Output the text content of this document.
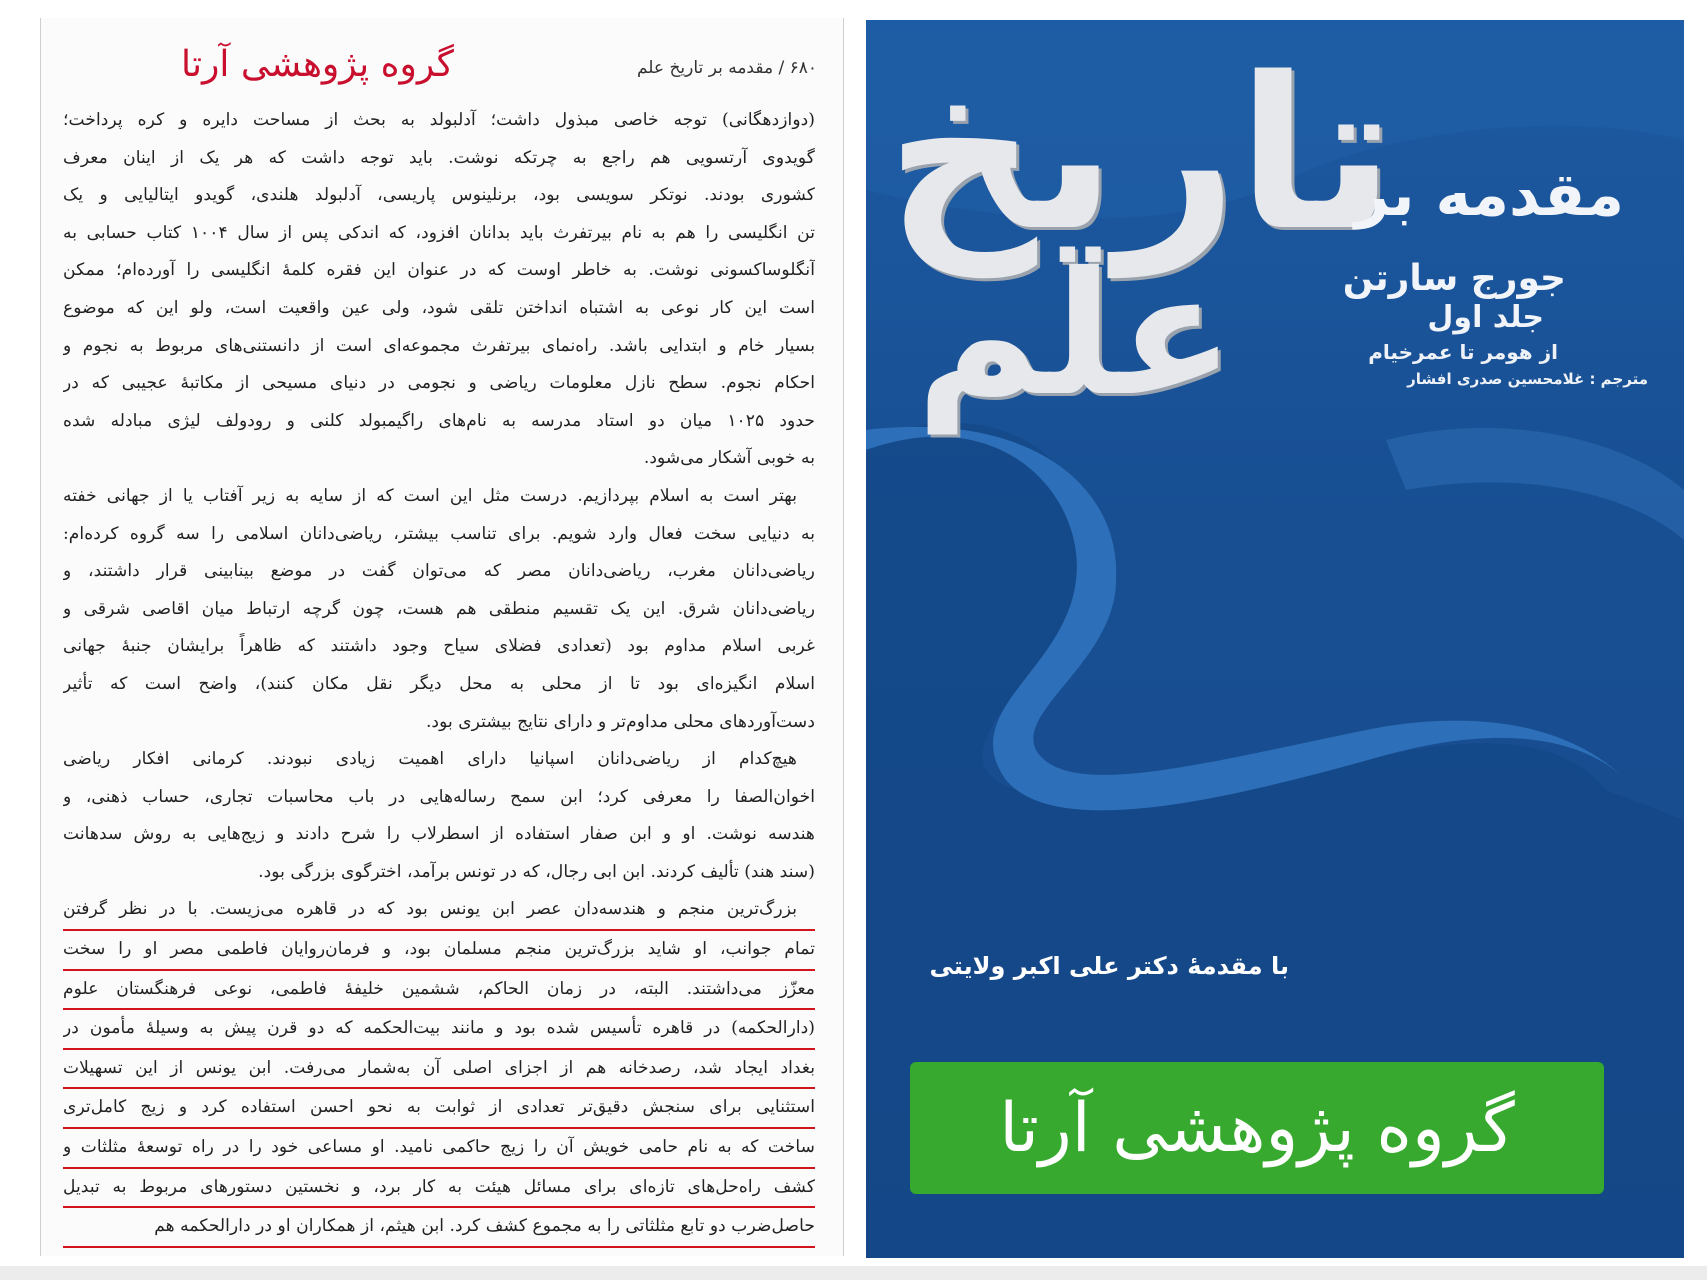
گروه پژوهشی آرتا	۶۸۰ / مقدمه بر تاریخ علم

(دوازدهگانی) توجه خاصی مبذول داشت؛ آدلبولد به بحث از مساحت دایره و کره پرداخت؛
گویدوی آرتسویی هم راجع به چرتکه نوشت. باید توجه داشت که هر یک از اینان معرف
کشوری بودند. نوتکر سویسی بود، برنلینوس پاریسی، آدلبولد هلندی، گویدو ایتالیایی و یک
تن انگلیسی را هم به نام بیرتفرث باید بدانان افزود، که اندکی پس از سال ۱۰۰۴ کتاب حسابی به
آنگلوساکسونی نوشت. به خاطر اوست که در عنوان این فقره کلمهٔ انگلیسی را آورده‌ام؛ ممکن
است این کار نوعی به اشتباه انداختن تلقی شود، ولی عین واقعیت است، ولو این که موضوع
بسیار خام و ابتدایی باشد. راه‌نمای بیرتفرث مجموعه‌ای است از دانستنی‌های مربوط به نجوم و
احکام نجوم. سطح نازل معلومات ریاضی و نجومی در دنیای مسیحی از مکاتبهٔ عجیبی که در
حدود ۱۰۲۵ میان دو استاد مدرسه به نام‌های راگیمبولد کلنی و رودولف لیژی مبادله شده
به خوبی آشکار می‌شود.

بهتر است به اسلام بپردازیم. درست مثل این است که از سایه به زیر آفتاب یا از جهانی خفته
به دنیایی سخت فعال وارد شویم. برای تناسب بیشتر، ریاضی‌دانان اسلامی را سه گروه کرده‌ام:
ریاضی‌دانان مغرب، ریاضی‌دانان مصر که می‌توان گفت در موضع بینابینی قرار داشتند، و
ریاضی‌دانان شرق. این یک تقسیم منطقی هم هست، چون گرچه ارتباط میان اقاصی شرقی و
غربی اسلام مداوم بود (تعدادی فضلای سیاح وجود داشتند که ظاهراً برایشان جنبهٔ جهانی
اسلام انگیزه‌ای بود تا از محلی به محل دیگر نقل مکان کنند)، واضح است که تأثیر
دست‌آوردهای محلی مداوم‌تر و دارای نتایج بیشتری بود.

هیچ‌کدام از ریاضی‌دانان اسپانیا دارای اهمیت زیادی نبودند. کرمانی افکار ریاضی
اخوان‌الصفا را معرفی کرد؛ ابن سمح رساله‌هایی در باب محاسبات تجاری، حساب ذهنی، و
هندسه نوشت. او و ابن صفار استفاده از اسطرلاب را شرح دادند و زیج‌هایی به روش سدهانت
(سند هند) تألیف کردند. ابن ابی رجال، که در تونس برآمد، اخترگوی بزرگی بود.

بزرگ‌ترین منجم و هندسه‌دان عصر ابن یونس بود که در قاهره می‌زیست. با در نظر گرفتن
تمام جوانب، او شاید بزرگ‌ترین منجم مسلمان بود، و فرمان‌روایان فاطمی مصر او را سخت
معزّز می‌داشتند. البته، در زمان الحاکم، ششمین خلیفهٔ فاطمی، نوعی فرهنگستان علوم
(دارالحکمه) در قاهره تأسیس شده بود و مانند بیت‌الحکمه که دو قرن پیش به وسیلهٔ مأمون در
بغداد ایجاد شد، رصدخانه هم از اجزای اصلی آن به‌شمار می‌رفت. ابن یونس از این تسهیلات
استثنایی برای سنجش دقیق‌تر تعدادی از ثوابت به نحو احسن استفاده کرد و زیج کامل‌تری
ساخت که به نام حامی خویش آن را زیج حاکمی نامید. او مساعی خود را در راه توسعهٔ مثلثات و
کشف راه‌حل‌های تازه‌ای برای مسائل هیئت به کار برد، و نخستین دستورهای مربوط به تبدیل
حاصل‌ضرب دو تابع مثلثاتی را به مجموع کشف کرد. ابن هیثم، از همکاران او در دارالحکمه هم

تاریخ
علم
مقدمه بر
جورج سارتن
جلد اول
از هومر تا عمرخیام
مترجم : غلامحسین صدری افشار
با مقدمهٔ دکتر علی اکبر ولایتی
گروه پژوهشی آرتا
